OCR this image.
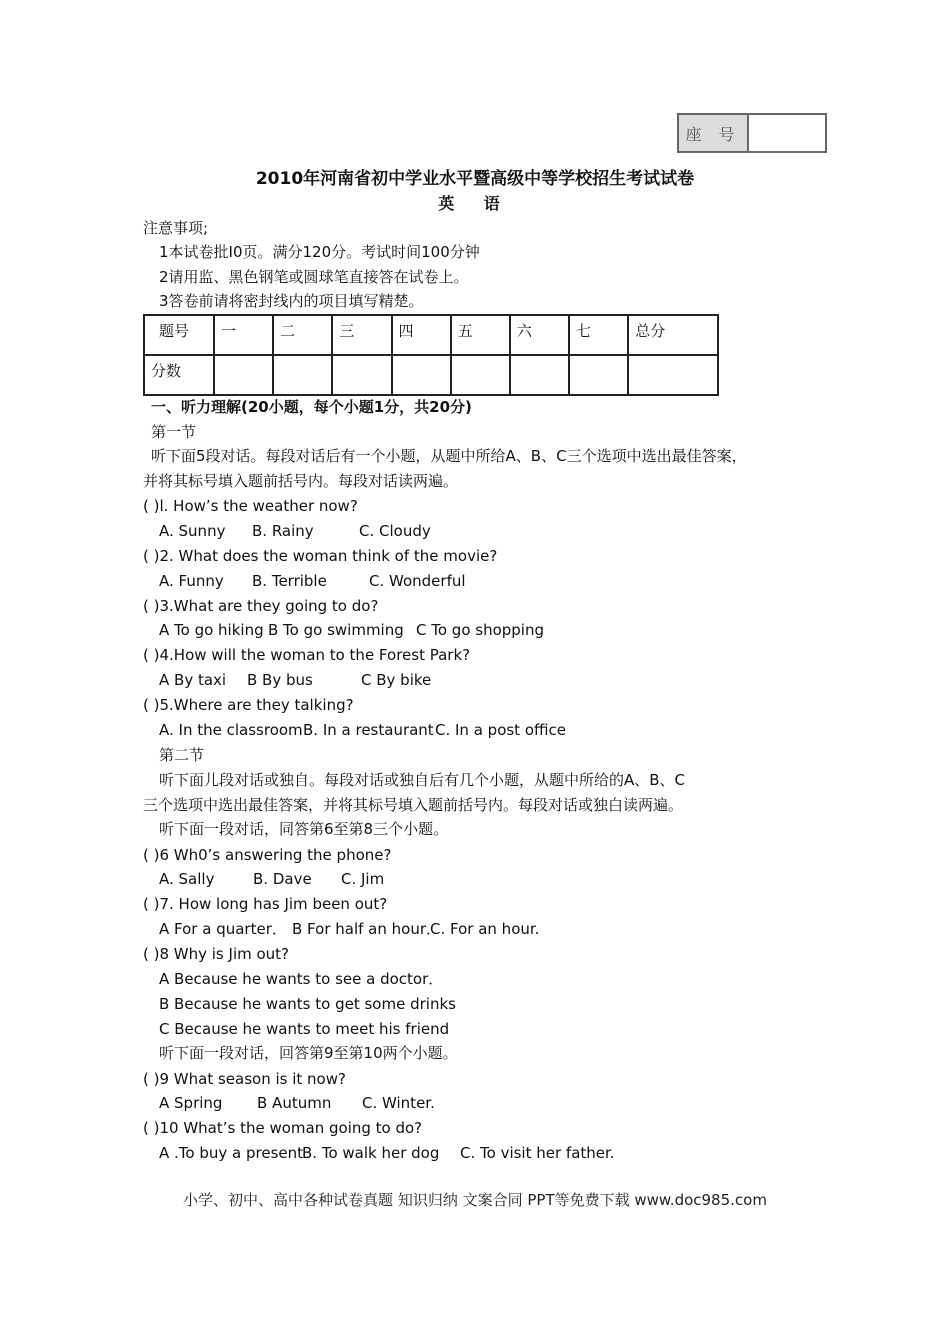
座 号
2010年河南省初中学业水平暨高级中等学校招生考试试卷
英 语
注意事项;
1本试卷批I0页。满分120分。考试时间100分钟
2请用监、黑色钢笔或圆球笔直接答在试卷上。
3答卷前请将密封线内的项目填写精楚。
题号	一	二	三	四	五	六	七	总分
分数								
一、听力理解(20小题，每个小题1分，共20分)
第一节
听下面5段对话。每段对话后有一个小题，从题中所给A、B、C三个选项中选出最佳答案，
并将其标号填入题前括号内。每段对话读两遍。
( )l. How’s the weather now?
A. Sunny B. Rainy	C. Cloudy
( )2. What does the woman think of the movie?
A. Funny B. Terrible	C. Wonderful
( )3.What are they going to do?
A To go hiking B To go swimming C To go shopping
( )4.How will the woman to the Forest Park?
A By taxi B By bus	C By bike
( )5.Where are they talking?
A. In the classroom B. In a restaurant C. In a post office
第二节
听下面儿段对话或独自。每段对话或独自后有几个小题，从题中所给的A、B、C
三个选项中选出最佳答案，并将其标号填入题前括号内。每段对话或独白读两遍。
听下面一段对话，同答第6至第8三个小题。
( )6 Wh0’s answering the phone?
A. Sally	B. Dave C. Jim
( )7. How long has Jim been out?
A For a quarter． B For half an hour．
C. For an hour.
( )8 Why is Jim out?
A Because he wants to see a doctor．
B Because he wants to get some drinks
C Because he wants to meet his friend
听下面一段对话，回答第9至第10两个小题。
( )9 What season is it now?
A Spring B Autumn C. Winter.
( )10 What’s the woman going to do?
A .To buy a present
B. To walk her dog C. To visit her father.
小学、初中、高中各种试卷真题 知识归纳 文案合同 PPT等免费下载 www.doc985.com
